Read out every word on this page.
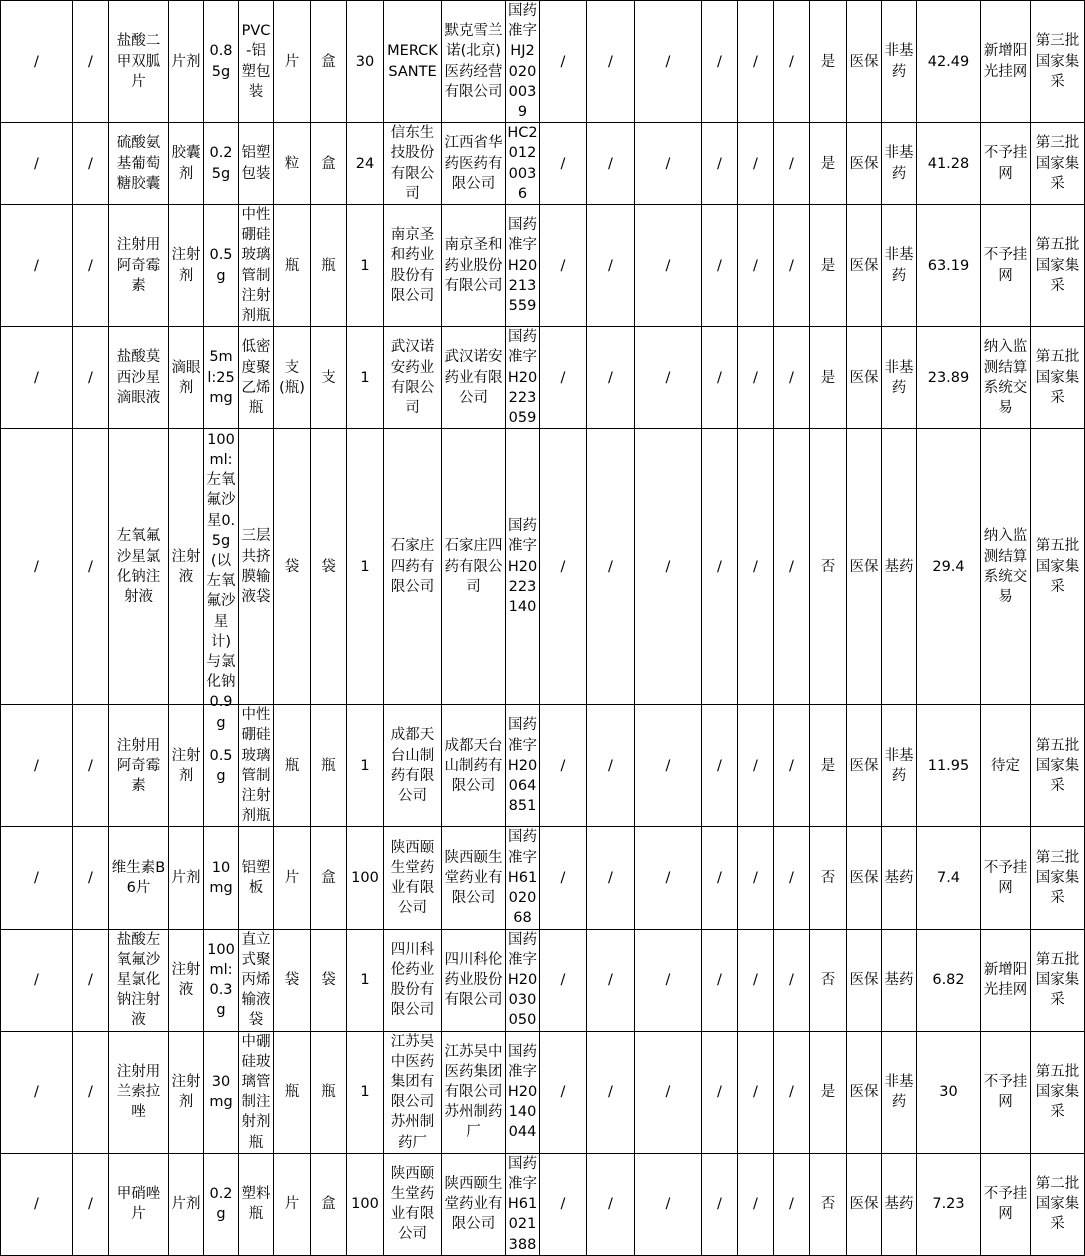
/	/	盐酸二甲双胍片	片剂	0.85g	PVC-铝塑包装	片	盒	30	MERCK SANTE	默克雪兰诺(北京)医药经营有限公司	国药准字HJ20200039	/	/	/	/	/	/	是	医保	非基药	42.49	新增阳光挂网	第三批国家集采
/	/	硫酸氨基葡萄糖胶囊	胶囊剂	0.25g	铝塑包装	粒	盒	24	信东生技股份有限公司	江西省华药医药有限公司	HC20120036	/	/	/	/	/	/	是	医保	非基药	41.28	不予挂网	第三批国家集采
/	/	注射用阿奇霉素	注射剂	0.5g	中性硼硅玻璃管制注射剂瓶	瓶	瓶	1	南京圣和药业股份有限公司	南京圣和药业股份有限公司	国药准字H20213559	/	/	/	/	/	/	是	医保	非基药	63.19	不予挂网	第五批国家集采
/	/	盐酸莫西沙星滴眼液	滴眼剂	5ml:25mg	低密度聚乙烯瓶	支(瓶)	支	1	武汉诺安药业有限公司	武汉诺安药业有限公司	国药准字H20223059	/	/	/	/	/	/	是	医保	非基药	23.89	纳入监测结算系统交易	第五批国家集采
/	/	左氧氟沙星氯化钠注射液	注射液	100ml:左氧氟沙星0.5g(以左氧氟沙星计)与氯化钠0.9g	三层共挤膜输液袋	袋	袋	1	石家庄四药有限公司	石家庄四药有限公司	国药准字H20223140	/	/	/	/	/	/	否	医保	基药	29.4	纳入监测结算系统交易	第五批国家集采
/	/	注射用阿奇霉素	注射剂	0.5g	中性硼硅玻璃管制注射剂瓶	瓶	瓶	1	成都天台山制药有限公司	成都天台山制药有限公司	国药准字H20064851	/	/	/	/	/	/	是	医保	非基药	11.95	待定	第五批国家集采
/	/	维生素B6片	片剂	10mg	铝塑板	片	盒	100	陕西颐生堂药业有限公司	陕西颐生堂药业有限公司	国药准字H6102068	/	/	/	/	/	/	否	医保	基药	7.4	不予挂网	第三批国家集采
/	/	盐酸左氧氟沙星氯化钠注射液	注射液	100ml:0.3g	直立式聚丙烯输液袋	袋	袋	1	四川科伦药业股份有限公司	四川科伦药业股份有限公司	国药准字H20030050	/	/	/	/	/	/	否	医保	基药	6.82	新增阳光挂网	第五批国家集采
/	/	注射用兰索拉唑	注射剂	30mg	中硼硅玻璃管制注射剂瓶	瓶	瓶	1	江苏吴中医药集团有限公司苏州制药厂	江苏吴中医药集团有限公司苏州制药厂	国药准字H20140044	/	/	/	/	/	/	是	医保	非基药	30	不予挂网	第五批国家集采
/	/	甲硝唑片	片剂	0.2g	塑料瓶	片	盒	100	陕西颐生堂药业有限公司	陕西颐生堂药业有限公司	国药准字H61021388	/	/	/	/	/	/	否	医保	基药	7.23	不予挂网	第二批国家集采
